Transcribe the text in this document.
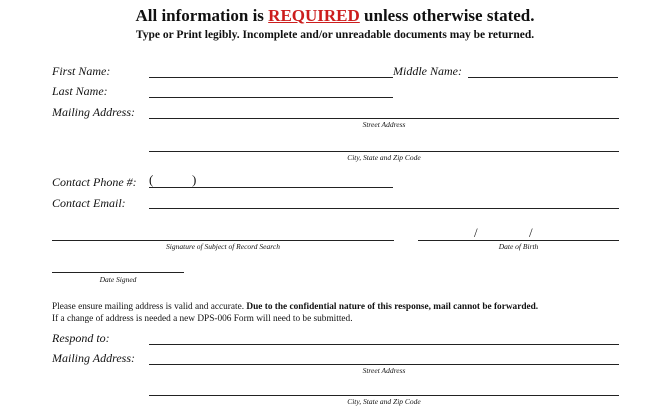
All information is REQUIRED unless otherwise stated.
Type or Print legibly. Incomplete and/or unreadable documents may be returned.
First Name:	Middle Name:
Last Name:
Mailing Address:
Street Address
City, State and Zip Code
Contact Phone #: (	)
Contact Email:
Signature of Subject of Record Search
/	/
Date of Birth
Date Signed
Please ensure mailing address is valid and accurate. Due to the confidential nature of this response, mail cannot be forwarded.
If a change of address is needed a new DPS-006 Form will need to be submitted.
Respond to:
Mailing Address:
Street Address
City, State and Zip Code
